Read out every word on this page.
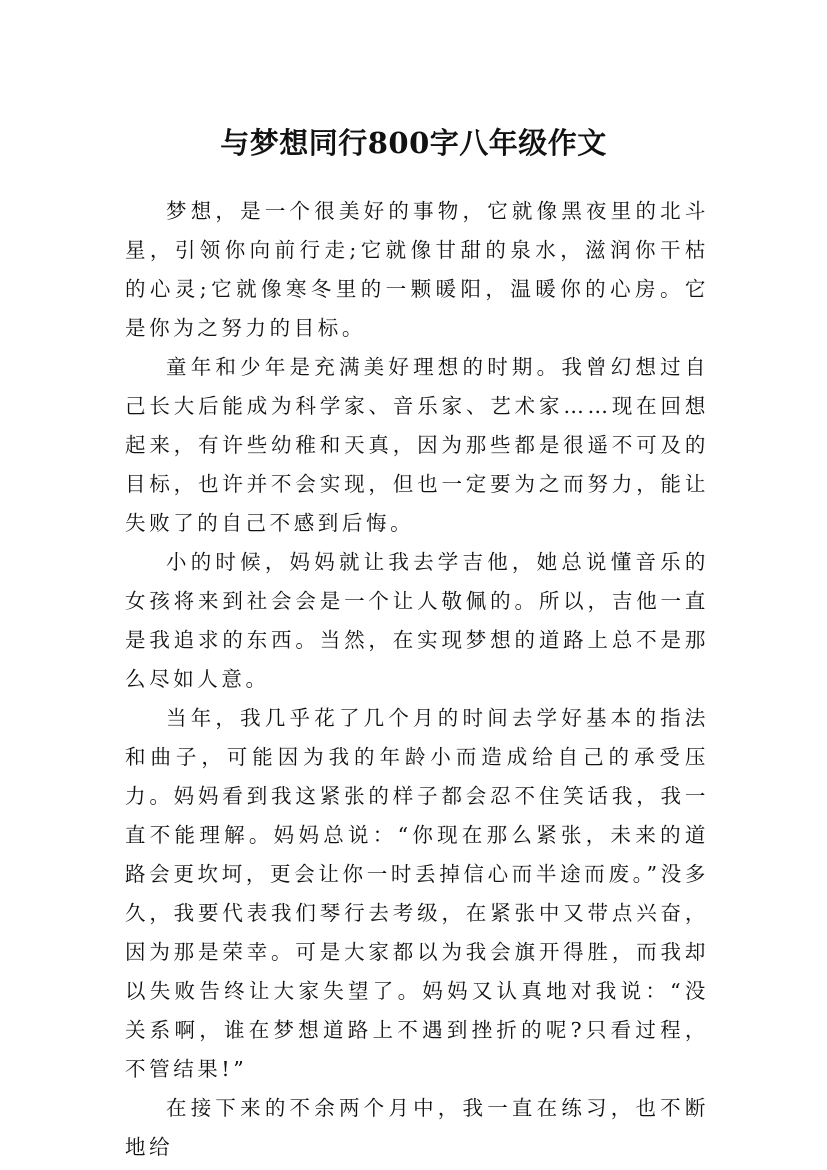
与梦想同行800字八年级作文

梦想，是一个很美好的事物，它就像黑夜里的北斗星，引领你向前行走;它就像甘甜的泉水，滋润你干枯的心灵;它就像寒冬里的一颗暖阳，温暖你的心房。它是你为之努力的目标。

童年和少年是充满美好理想的时期。我曾幻想过自己长大后能成为科学家、音乐家、艺术家……现在回想起来，有许些幼稚和天真，因为那些都是很遥不可及的目标，也许并不会实现，但也一定要为之而努力，能让失败了的自己不感到后悔。

小的时候，妈妈就让我去学吉他，她总说懂音乐的女孩将来到社会会是一个让人敬佩的。所以，吉他一直是我追求的东西。当然，在实现梦想的道路上总不是那么尽如人意。

当年，我几乎花了几个月的时间去学好基本的指法和曲子，可能因为我的年龄小而造成给自己的承受压力。妈妈看到我这紧张的样子都会忍不住笑话我，我一直不能理解。妈妈总说：“你现在那么紧张，未来的道路会更坎坷，更会让你一时丢掉信心而半途而废。”没多久，我要代表我们琴行去考级，在紧张中又带点兴奋，因为那是荣幸。可是大家都以为我会旗开得胜，而我却以失败告终让大家失望了。妈妈又认真地对我说：“没关系啊，谁在梦想道路上不遇到挫折的呢?只看过程，不管结果!”

在接下来的不余两个月中，我一直在练习，也不断地给
